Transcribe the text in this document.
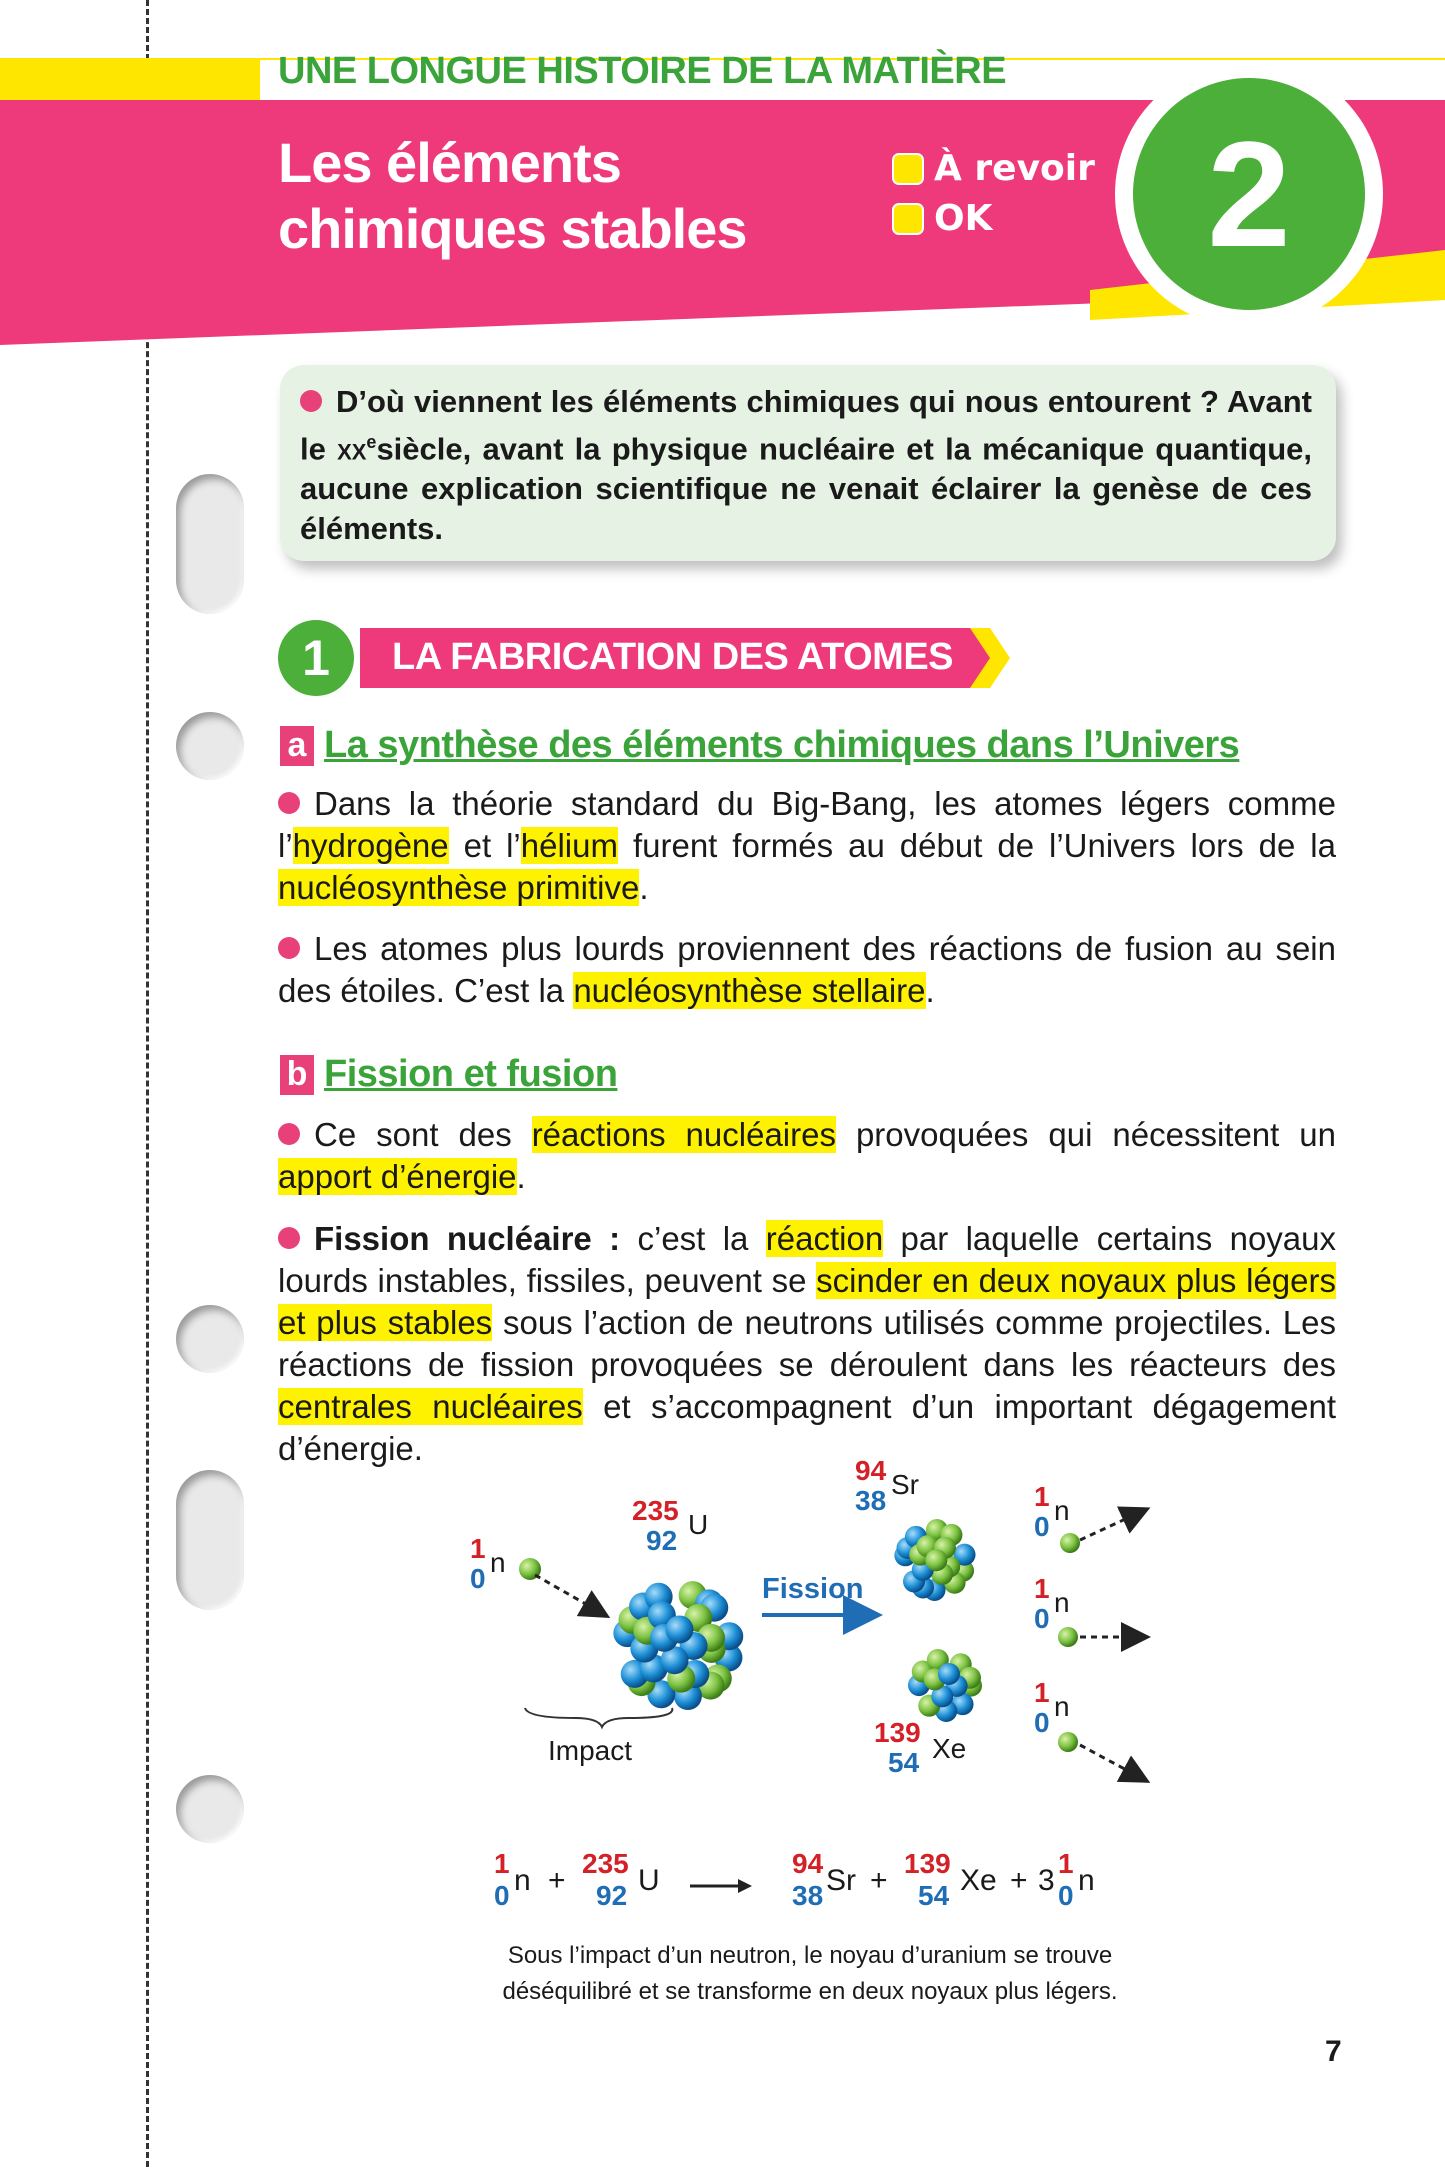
UNE LONGUE HISTOIRE DE LA MATIÈRE
Les éléments
chimiques stables
À revoir
OK	2
D’où viennent les éléments chimiques qui nous entourent ? Avant le $xx^esiècle$, avant la physique nucléaire et la mécanique quantique, aucune explication scientifique ne venait éclairer la genèse de ces éléments.
1	LA FABRICATION DES ATOMES
a La synthèse des éléments chimiques dans l’Univers
Dans la théorie standard du Big-Bang, les atomes légers comme l’hydrogène et l’hélium furent formés au début de l’Univers lors de la nucléosynthèse primitive.
Les atomes plus lourds proviennent des réactions de fusion au sein des étoiles. C’est la nucléosynthèse stellaire.
b Fission et fusion
Ce sont des réactions nucléaires provoquées qui nécessitent un apport d’énergie.
Fission nucléaire : c’est la réaction par laquelle certains noyaux lourds instables, fissiles, peuvent se scinder en deux noyaux plus légers et plus stables sous l’action de neutrons utilisés comme projectiles. Les réactions de fission provoquées se déroulent dans les réacteurs des centrales nucléaires et s’accompagnent d’un important dégagement d’énergie.
1
0
n
235
92
U
Fission
Impact
94
38
Sr
139
54 Xe
1
0
n
1
0
n
1
0
n
1
0 n +
235
92 U →
94
38 Sr +
139
54 Xe + 3
1
0 n
Sous l’impact d’un neutron, le noyau d’uranium se trouve
déséquilibré et se transforme en deux noyaux plus légers.
7
